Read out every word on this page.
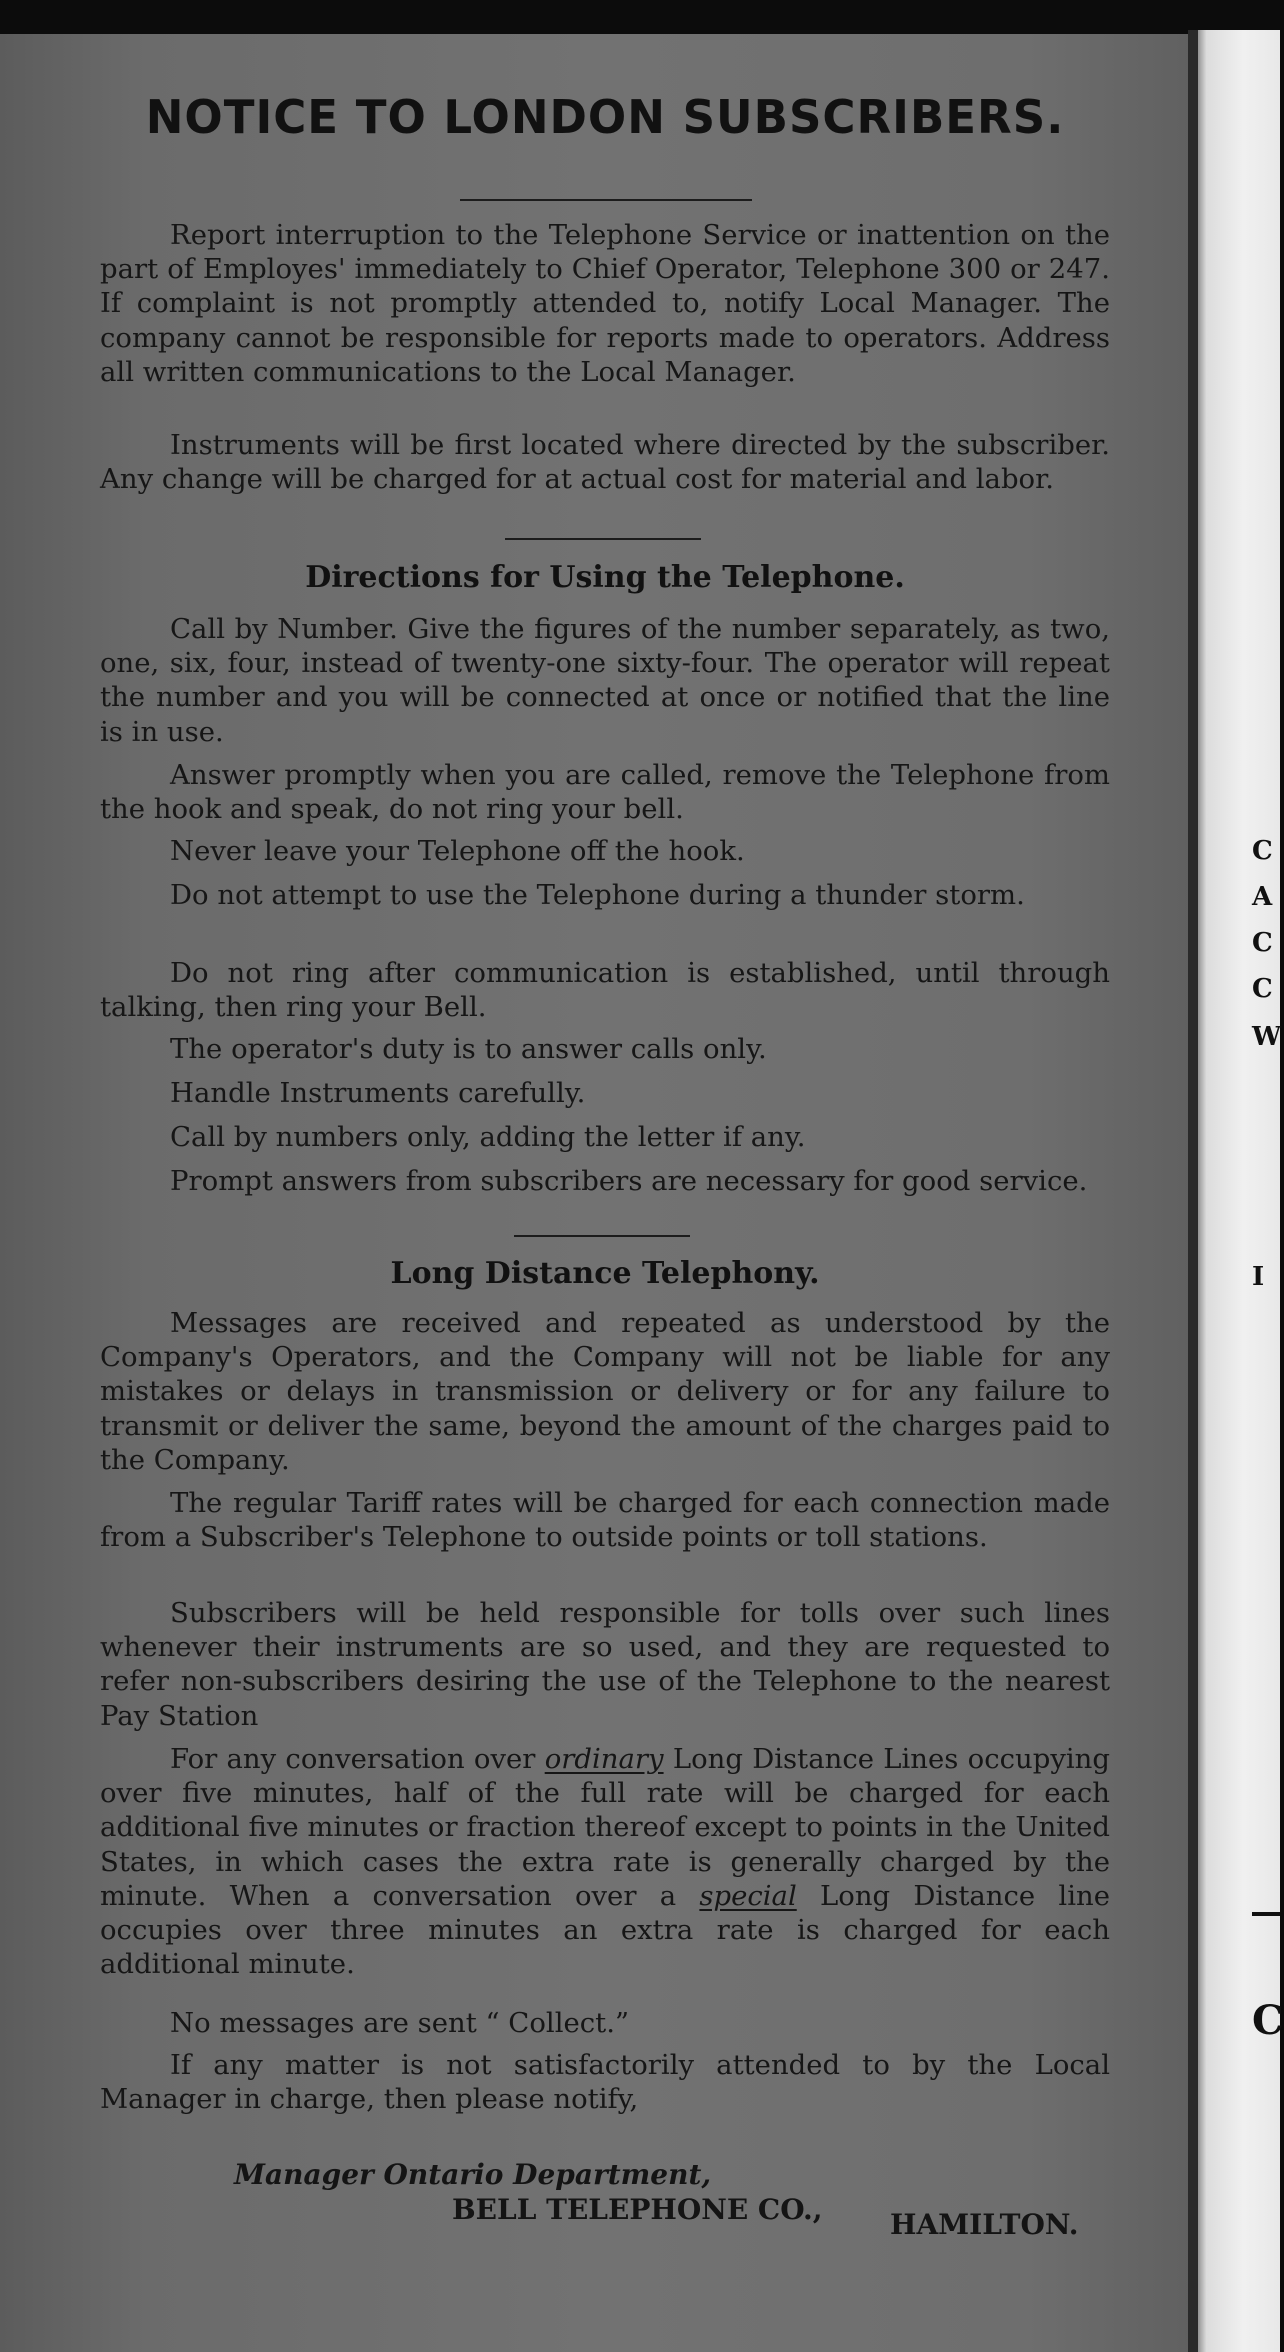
C
A
C
C
W
I
C
NOTICE TO LONDON SUBSCRIBERS.

Report interruption to the Telephone Service or inattention on the part of Employes' immediately to Chief Operator, Telephone 300 or 247. If complaint is not promptly attended to, notify Local Manager. The company cannot be responsible for reports made to operators. Address all written communications to the Local Manager.

Instruments will be first located where directed by the subscriber. Any change will be charged for at actual cost for material and labor.

Directions for Using the Telephone.

Call by Number. Give the figures of the number separately, as two, one, six, four, instead of twenty-one sixty-four. The operator will repeat the number and you will be connected at once or notified that the line is in use.

Answer promptly when you are called, remove the Telephone from the hook and speak, do not ring your bell.

Never leave your Telephone off the hook.

Do not attempt to use the Telephone during a thunder storm.

Do not ring after communication is established, until through talking, then ring your Bell.

The operator's duty is to answer calls only.

Handle Instruments carefully.

Call by numbers only, adding the letter if any.

Prompt answers from subscribers are necessary for good service.

Long Distance Telephony.

Messages are received and repeated as understood by the Company's Operators, and the Company will not be liable for any mistakes or delays in transmission or delivery or for any failure to transmit or deliver the same, beyond the amount of the charges paid to the Company.

The regular Tariff rates will be charged for each connection made from a Subscriber's Telephone to outside points or toll stations.

Subscribers will be held responsible for tolls over such lines whenever their instruments are so used, and they are requested to refer non-subscribers desiring the use of the Telephone to the nearest Pay Station

For any conversation over ordinary Long Distance Lines occupying over five minutes, half of the full rate will be charged for each additional five minutes or fraction thereof except to points in the United States, in which cases the extra rate is generally charged by the minute. When a conversation over a special Long Distance line occupies over three minutes an extra rate is charged for each additional minute.

No messages are sent “ Collect.”

If any matter is not satisfactorily attended to by the Local Manager in charge, then please notify,

Manager Ontario Department,
BELL TELEPHONE CO., HAMILTON.
